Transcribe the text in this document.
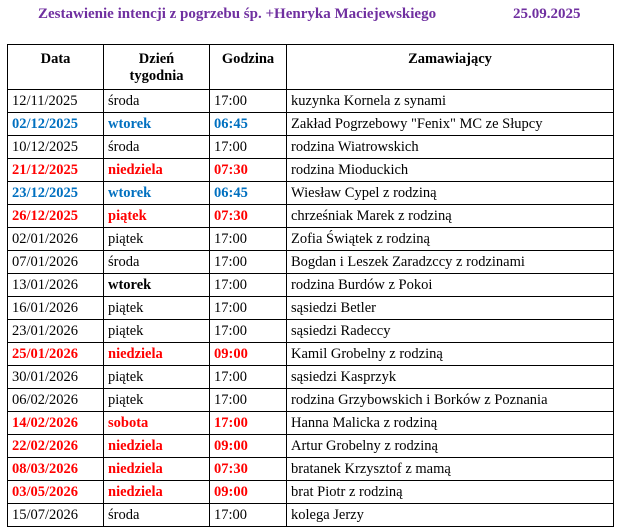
Zestawienie intencji z pogrzebu śp. +Henryka Maciejewskiego	25.09.2025
Data	Dzień tygodnia	Godzina	Zamawiający
12/11/2025	środa	17:00	kuzynka Kornela z synami
02/12/2025	wtorek	06:45	Zakład Pogrzebowy "Fenix" MC ze Słupcy
10/12/2025	środa	17:00	rodzina Wiatrowskich
21/12/2025	niedziela	07:30	rodzina Mioduckich
23/12/2025	wtorek	06:45	Wiesław Cypel z rodziną
26/12/2025	piątek	07:30	chrześniak Marek z rodziną
02/01/2026	piątek	17:00	Zofia Świątek z rodziną
07/01/2026	środa	17:00	Bogdan i Leszek Zaradzccy z rodzinami
13/01/2026	wtorek	17:00	rodzina Burdów z Pokoi
16/01/2026	piątek	17:00	sąsiedzi Betler
23/01/2026	piątek	17:00	sąsiedzi Radeccy
25/01/2026	niedziela	09:00	Kamil Grobelny z rodziną
30/01/2026	piątek	17:00	sąsiedzi Kasprzyk
06/02/2026	piątek	17:00	rodzina Grzybowskich i Borków z Poznania
14/02/2026	sobota	17:00	Hanna Malicka z rodziną
22/02/2026	niedziela	09:00	Artur Grobelny z rodziną
08/03/2026	niedziela	07:30	bratanek Krzysztof z mamą
03/05/2026	niedziela	09:00	brat Piotr z rodziną
15/07/2026	środa	17:00	kolega Jerzy
